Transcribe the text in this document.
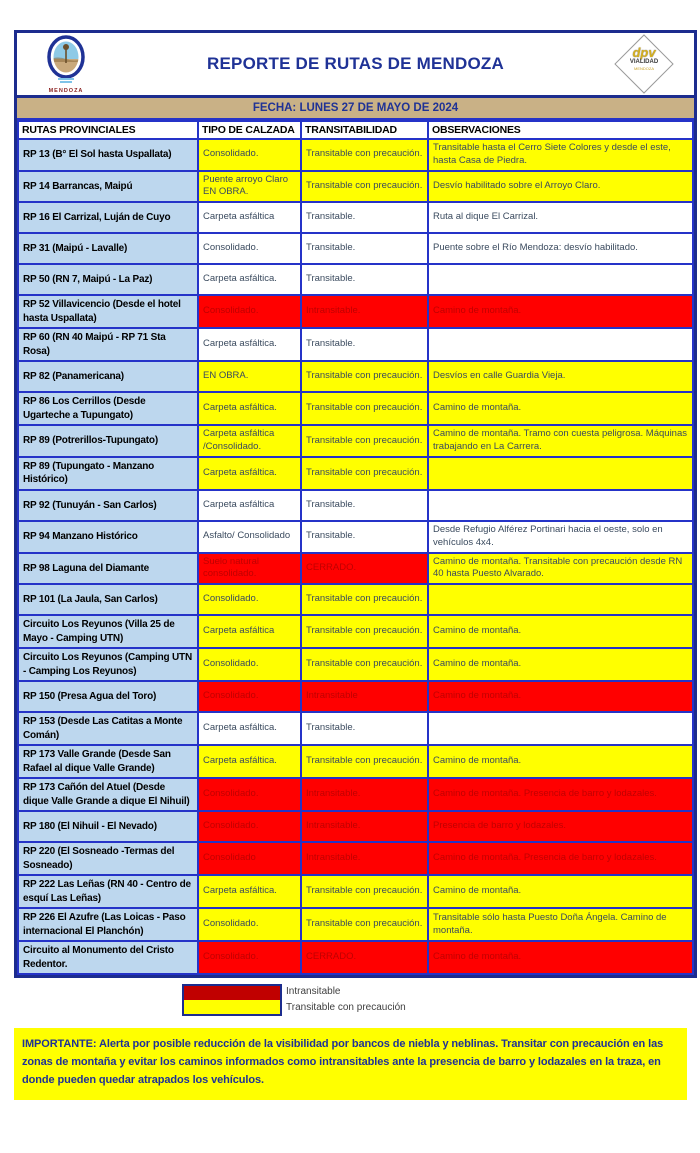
MENDOZA
REPORTE DE RUTAS DE MENDOZA
dpv
VIALIDAD
MENDOZA
FECHA: LUNES 27 DE MAYO DE 2024
RUTAS PROVINCIALES	TIPO DE CALZADA	TRANSITABILIDAD	OBSERVACIONES
RP 13 (B° El Sol hasta Uspallata)	Consolidado.	Transitable con precaución.	Transitable hasta el Cerro Siete Colores y desde el este, hasta Casa de Piedra.
RP 14 Barrancas, Maipú	Puente arroyo Claro EN OBRA.	Transitable con precaución.	Desvío habilitado sobre el Arroyo Claro.
RP 16 El Carrizal, Luján de Cuyo	Carpeta asfáltica	Transitable.	Ruta al dique El Carrizal.
RP 31 (Maipú - Lavalle)	Consolidado.	Transitable.	Puente sobre el Río Mendoza: desvío habilitado.
RP 50 (RN 7, Maipú - La Paz)	Carpeta asfáltica.	Transitable.	
RP 52 Villavicencio (Desde el hotel hasta Uspallata)	Consolidado.	Intransitable.	Camino de montaña.
RP 60 (RN 40 Maipú - RP 71 Sta Rosa)	Carpeta asfáltica.	Transitable.	
RP 82 (Panamericana)	EN OBRA.	Transitable con precaución.	Desvíos en calle Guardia Vieja.
RP 86 Los Cerrillos (Desde Ugarteche a Tupungato)	Carpeta asfáltica.	Transitable con precaución.	Camino de montaña.
RP 89 (Potrerillos-Tupungato)	Carpeta asfáltica /Consolidado.	Transitable con precaución.	Camino de montaña. Tramo con cuesta peligrosa. Máquinas trabajando en La Carrera.
RP 89 (Tupungato - Manzano Histórico)	Carpeta asfáltica.	Transitable con precaución.	
RP 92 (Tunuyán - San Carlos)	Carpeta asfáltica	Transitable.	
RP 94 Manzano Histórico	Asfalto/ Consolidado	Transitable.	Desde Refugio Alférez Portinari hacia el oeste, solo en vehículos 4x4.
RP 98 Laguna del Diamante	Suelo natural consolidado.	CERRADO.	Camino de montaña. Transitable con precaución desde RN 40 hasta Puesto Alvarado.
RP 101 (La Jaula, San Carlos)	Consolidado.	Transitable con precaución.	
Circuito Los Reyunos (Villa 25 de Mayo - Camping UTN)	Carpeta asfáltica	Transitable con precaución.	Camino de montaña.
Circuito Los Reyunos (Camping UTN - Camping Los Reyunos)	Consolidado.	Transitable con precaución.	Camino de montaña.
RP 150 (Presa Agua del Toro)	Consolidado.	Intransitable	Camino de montaña.
RP 153 (Desde Las Catitas a Monte Comán)	Carpeta asfáltica.	Transitable.	
RP 173 Valle Grande (Desde San Rafael al dique Valle Grande)	Carpeta asfáltica.	Transitable con precaución.	Camino de montaña.
RP 173 Cañón del Atuel (Desde dique Valle Grande a dique El Nihuil)	Consolidado.	Intransitable.	Camino de montaña. Presencia de barro y lodazales.
RP 180 (El Nihuil - El Nevado)	Consolidado.	Intransitable.	Presencia de barro y lodazales.
RP 220 (El Sosneado -Termas del Sosneado)	Consolidado	Intransitable.	Camino de montaña. Presencia de barro y lodazales.
RP 222 Las Leñas (RN 40 - Centro de esquí Las Leñas)	Carpeta asfáltica.	Transitable con precaución.	Camino de montaña.
RP 226 El Azufre (Las Loicas - Paso internacional El Planchón)	Consolidado.	Transitable con precaución.	Transitable sólo hasta Puesto Doña Ángela. Camino de montaña.
Circuito al Monumento del Cristo Redentor.	Consolidado.	CERRADO.	Camino de montaña.
Intransitable
Transitable con precaución
IMPORTANTE: Alerta por posible reducción de la visibilidad por bancos de niebla y neblinas. Transitar con precaución en las zonas de montaña y evitar los caminos informados como intransitables ante la presencia de barro y lodazales en la traza, en donde pueden quedar atrapados los vehículos.
